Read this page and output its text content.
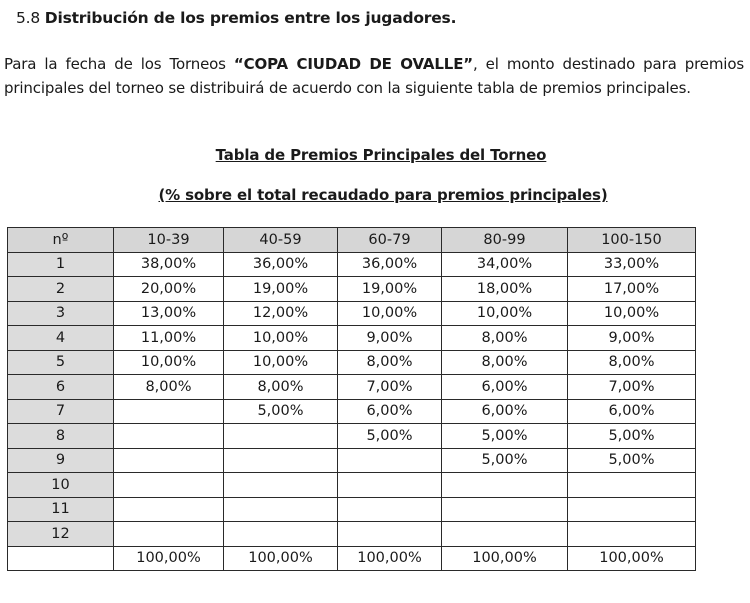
5.8 Distribución de los premios entre los jugadores.
Para la fecha de los Torneos “COPA CIUDAD DE OVALLE”, el monto destinado para premios principales del torneo se distribuirá de acuerdo con la siguiente tabla de premios principales.
Tabla de Premios Principales del Torneo
(% sobre el total recaudado para premios principales)
nº	10-39	40-59	60-79	80-99	100-150
1	38,00%	36,00%	36,00%	34,00%	33,00%
2	20,00%	19,00%	19,00%	18,00%	17,00%
3	13,00%	12,00%	10,00%	10,00%	10,00%
4	11,00%	10,00%	9,00%	8,00%	9,00%
5	10,00%	10,00%	8,00%	8,00%	8,00%
6	8,00%	8,00%	7,00%	6,00%	7,00%
7		5,00%	6,00%	6,00%	6,00%
8			5,00%	5,00%	5,00%
9				5,00%	5,00%
10					
11					
12					
	100,00%	100,00%	100,00%	100,00%	100,00%
